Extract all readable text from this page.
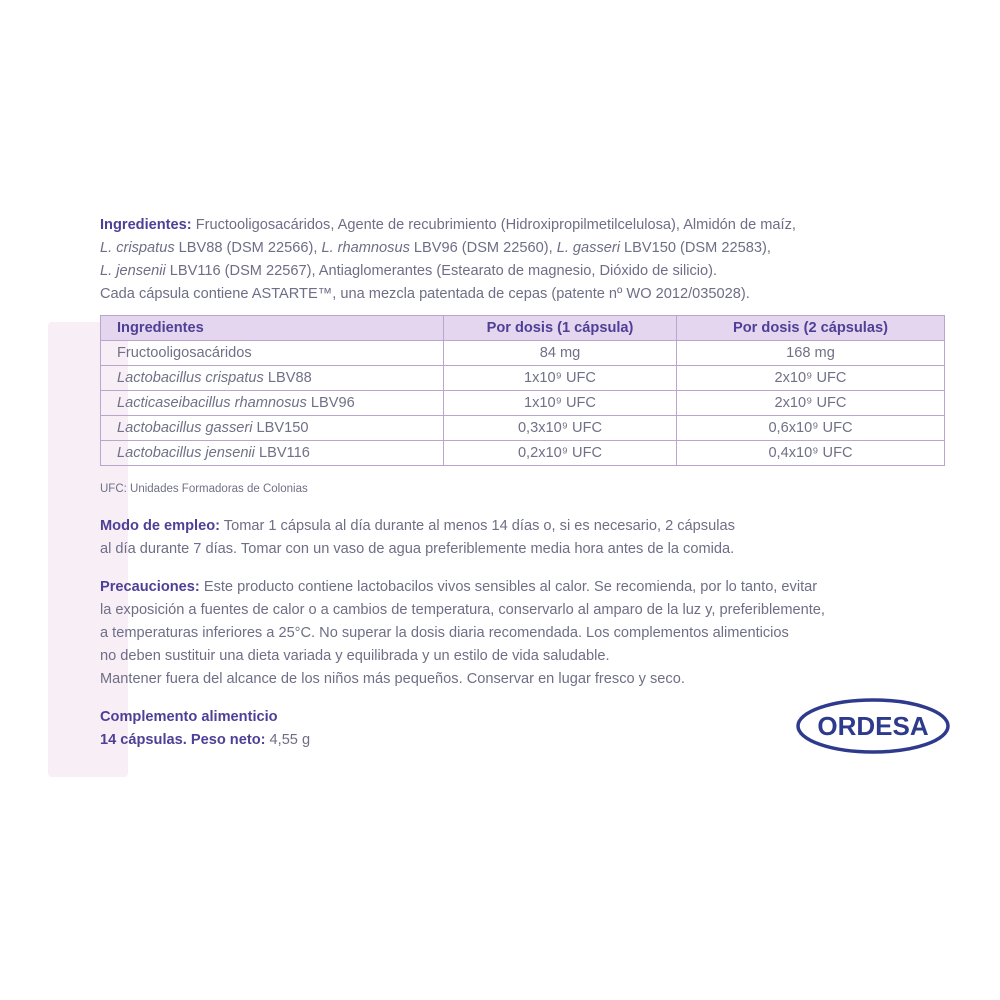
Ingredientes: Fructooligosacáridos, Agente de recubrimiento (Hidroxipropilmetilcelulosa), Almidón de maíz,
L. crispatus LBV88 (DSM 22566), L. rhamnosus LBV96 (DSM 22560), L. gasseri LBV150 (DSM 22583),
L. jensenii LBV116 (DSM 22567), Antiaglomerantes (Estearato de magnesio, Dióxido de silicio).
Cada cápsula contiene ASTARTE™, una mezcla patentada de cepas (patente nº WO 2012/035028).

Ingredientes	Por dosis (1 cápsula)	Por dosis (2 cápsulas)
Fructooligosacáridos	84 mg	168 mg
Lactobacillus crispatus LBV88	1x10⁹ UFC	2x10⁹ UFC
Lacticaseibacillus rhamnosus LBV96	1x10⁹ UFC	2x10⁹ UFC
Lactobacillus gasseri LBV150	0,3x10⁹ UFC	0,6x10⁹ UFC
Lactobacillus jensenii LBV116	0,2x10⁹ UFC	0,4x10⁹ UFC
UFC: Unidades Formadoras de Colonias

Modo de empleo: Tomar 1 cápsula al día durante al menos 14 días o, si es necesario, 2 cápsulas
al día durante 7 días. Tomar con un vaso de agua preferiblemente media hora antes de la comida.

Precauciones: Este producto contiene lactobacilos vivos sensibles al calor. Se recomienda, por lo tanto, evitar
la exposición a fuentes de calor o a cambios de temperatura, conservarlo al amparo de la luz y, preferiblemente,
a temperaturas inferiores a 25°C. No superar la dosis diaria recomendada. Los complementos alimenticios
no deben sustituir una dieta variada y equilibrada y un estilo de vida saludable.
Mantener fuera del alcance de los niños más pequeños. Conservar en lugar fresco y seco.

Complemento alimenticio
14 cápsulas. Peso neto: 4,55 g	ORDESA
